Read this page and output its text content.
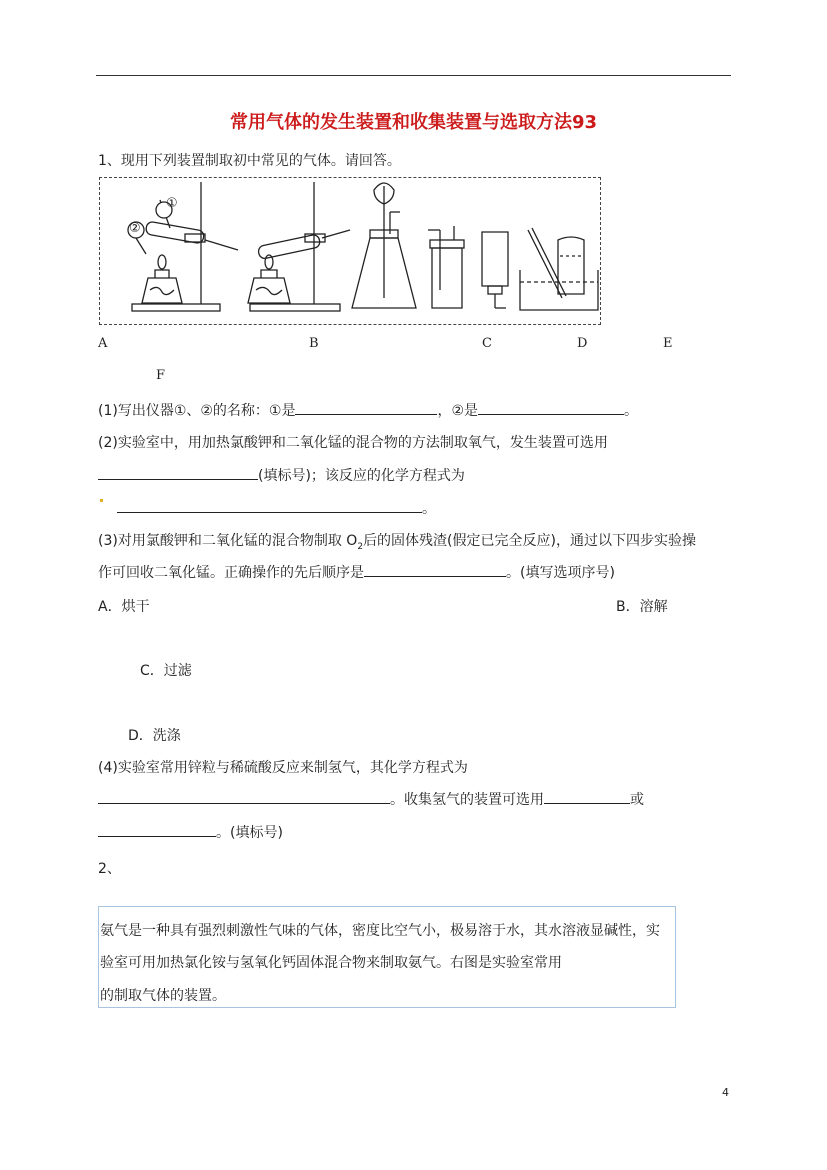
常用气体的发生装置和收集装置与选取方法93
1、现用下列装置制取初中常见的气体。请回答。
①
②
A	B	C	D	E
F
(1)写出仪器①、②的名称：①是	，②是	。
(2)实验室中，用加热氯酸钾和二氧化锰的混合物的方法制取氧气，发生装置可选用
(填标号)；该反应的化学方程式为
。
(3)对用氯酸钾和二氧化锰的混合物制取 $O_2$后的固体残渣(假定已完全反应)，通过以下四步实验操
作可回收二氧化锰。正确操作的先后顺序是	。(填写选项序号)
A．烘干	B．溶解
C．过滤
D．洗涤
(4)实验室常用锌粒与稀硫酸反应来制氢气，其化学方程式为
。收集氢气的装置可选用	或
。(填标号)
2、
氨气是一种具有强烈刺激性气味的气体，密度比空气小，极易溶于水，其水溶液显碱性，实
验室可用加热氯化铵与氢氧化钙固体混合物来制取氨气。右图是实验室常用
的制取气体的装置。
4
